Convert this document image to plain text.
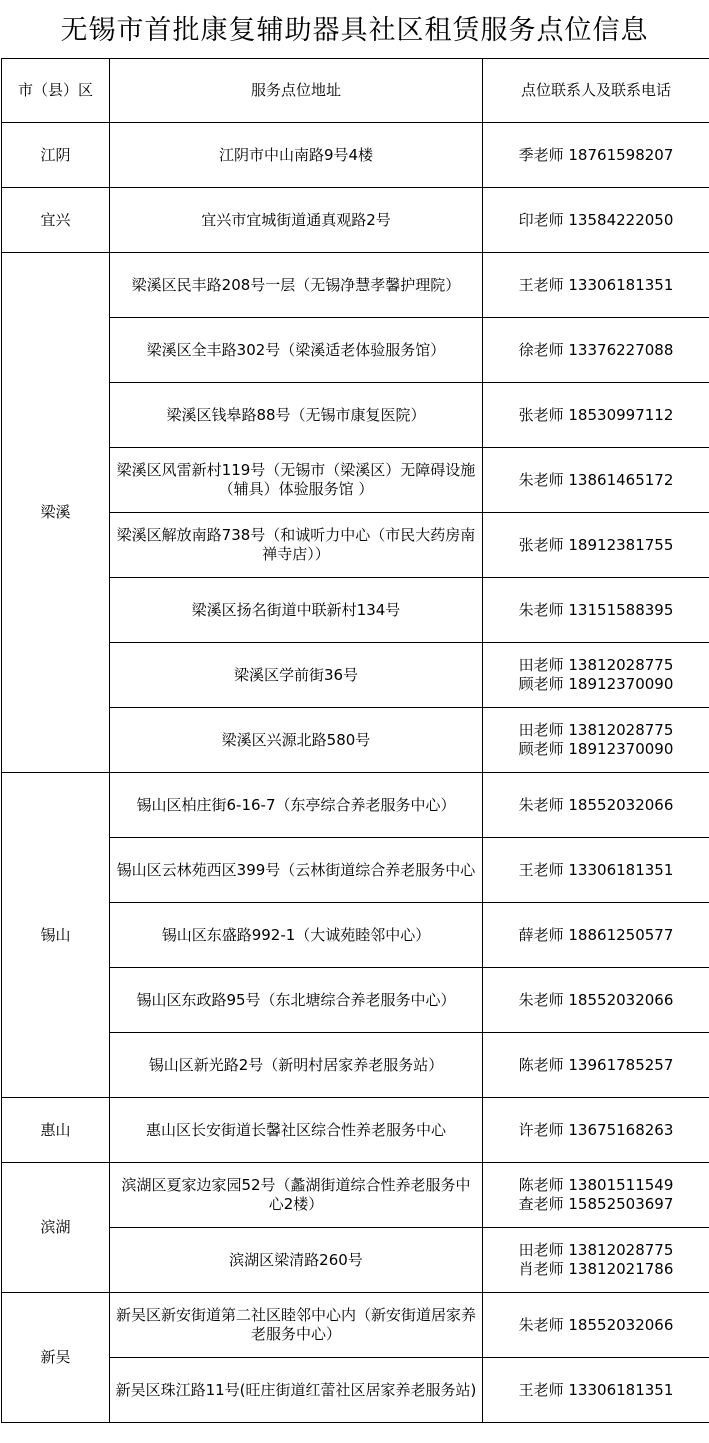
无锡市首批康复辅助器具社区租赁服务点位信息
市（县）区	服务点位地址	点位联系人及联系电话
江阴	江阴市中山南路9号4楼	季老师 18761598207
宜兴	宜兴市宜城街道通真观路2号	印老师 13584222050
梁溪	梁溪区民丰路208号一层（无锡净慧孝馨护理院）	王老师 13306181351
	梁溪区全丰路302号（梁溪适老体验服务馆）	徐老师 13376227088
	梁溪区钱皋路88号（无锡市康复医院）	张老师 18530997112
	梁溪区风雷新村119号（无锡市（梁溪区）无障碍设施（辅具）体验服务馆 ）	朱老师 13861465172
	梁溪区解放南路738号（和诚听力中心（市民大药房南禅寺店））	张老师 18912381755
	梁溪区扬名街道中联新村134号	朱老师 13151588395
	梁溪区学前街36号	田老师 13812028775
顾老师 18912370090
	梁溪区兴源北路580号	田老师 13812028775
顾老师 18912370090
锡山	锡山区柏庄街6-16-7（东亭综合养老服务中心）	朱老师 18552032066
	锡山区云林苑西区399号（云林街道综合养老服务中心	王老师 13306181351
	锡山区东盛路992-1（大诚苑睦邻中心）	薛老师 18861250577
	锡山区东政路95号（东北塘综合养老服务中心）	朱老师 18552032066
	锡山区新光路2号（新明村居家养老服务站）	陈老师 13961785257
惠山	惠山区长安街道长馨社区综合性养老服务中心	许老师 13675168263
滨湖	滨湖区夏家边家园52号（蠡湖街道综合性养老服务中心2楼）	陈老师 13801511549
查老师 15852503697
	滨湖区梁清路260号	田老师 13812028775
肖老师 13812021786
新吴	新吴区新安街道第二社区睦邻中心内（新安街道居家养老服务中心）	朱老师 18552032066
	新吴区珠江路11号(旺庄街道红蕾社区居家养老服务站)	王老师 13306181351
